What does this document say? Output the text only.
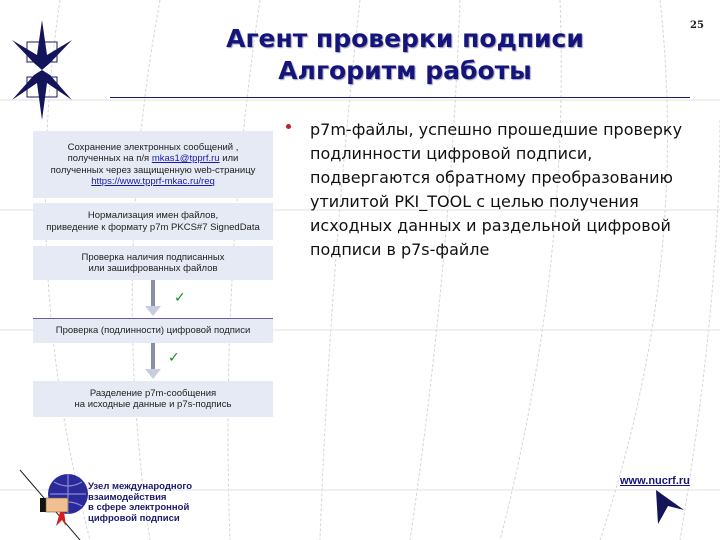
Агент проверки подписи
Алгоритм работы
25
Сохранение электронных сообщений ,
полученных на п/я mkas1@tpprf.ru или
полученных через защищенную web-страницу
https://www.tpprf-mkac.ru/req
Нормализация имен файлов,
приведение к формату p7m PKCS#7 SignedData
Проверка наличия подписанных
или зашифрованных файлов
✓
Проверка (подлинности) цифровой подписи
✓
Разделение p7m-сообщения
на исходные данные и p7s-подпись
p7m-файлы, успешно прошедшие проверку подлинности цифровой подписи, подвергаются обратному преобразованию утилитой PKI_TOOL с целью получения исходных данных и раздельной цифровой подписи в p7s-файле
Узел международного
взаимодействия
в сфере электронной
цифровой подписи
www.nucrf.ru
